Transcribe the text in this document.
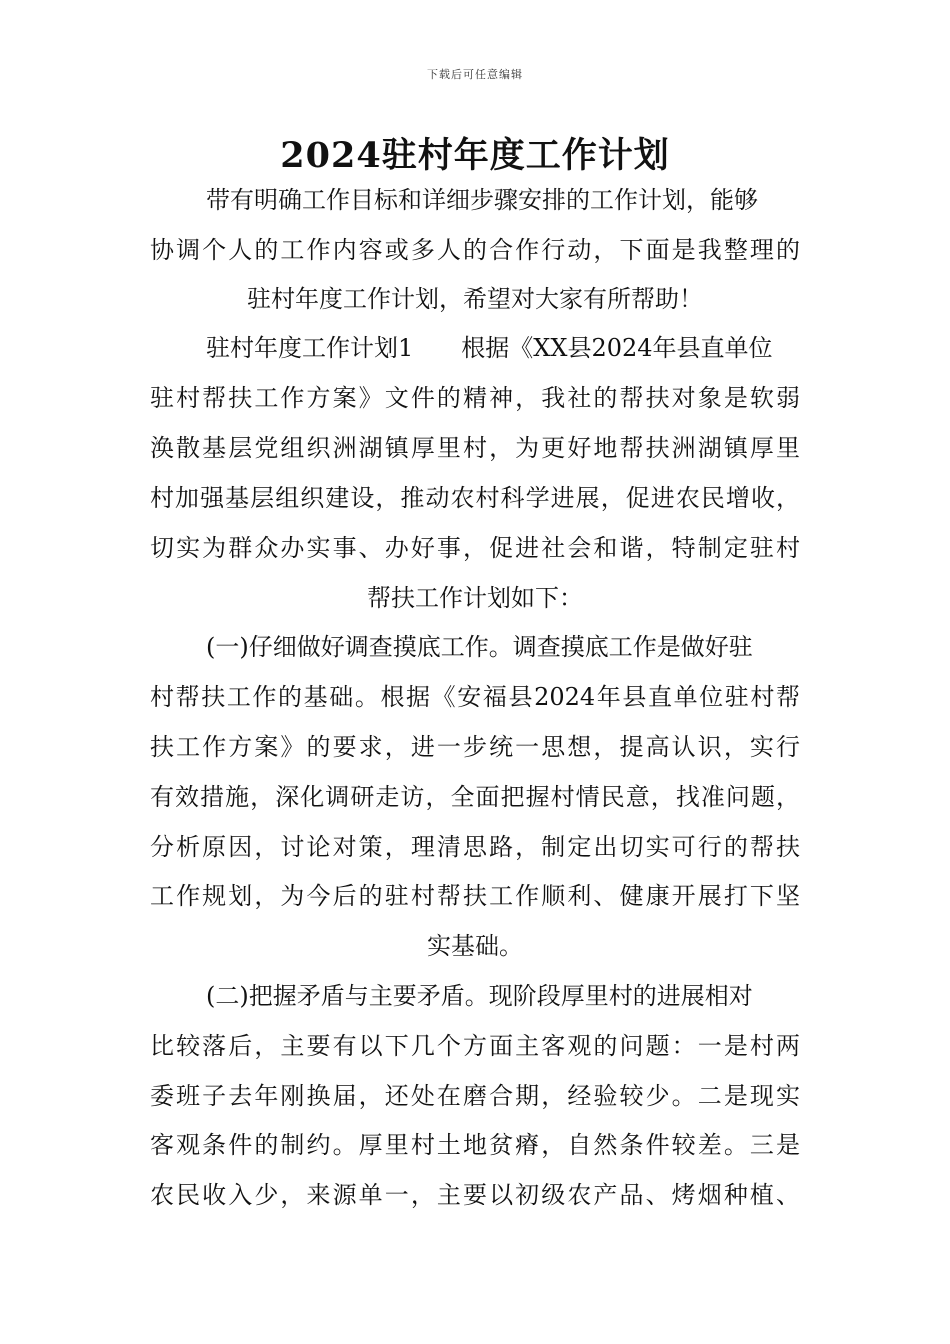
下载后可任意编辑
2024驻村年度工作计划
带有明确工作目标和详细步骤安排的工作计划，能够
协调个人的工作内容或多人的合作行动，下面是我整理的
驻村年度工作计划，希望对大家有所帮助！
驻村年度工作计划1　　根据《XX县2024年县直单位
驻村帮扶工作方案》文件的精神，我社的帮扶对象是软弱
涣散基层党组织洲湖镇厚里村，为更好地帮扶洲湖镇厚里
村加强基层组织建设，推动农村科学进展，促进农民增收，
切实为群众办实事、办好事，促进社会和谐，特制定驻村
帮扶工作计划如下：
(一)仔细做好调查摸底工作。调查摸底工作是做好驻
村帮扶工作的基础。根据《安福县2024年县直单位驻村帮
扶工作方案》的要求，进一步统一思想，提高认识，实行
有效措施，深化调研走访，全面把握村情民意，找准问题，
分析原因，讨论对策，理清思路，制定出切实可行的帮扶
工作规划，为今后的驻村帮扶工作顺利、健康开展打下坚
实基础。
(二)把握矛盾与主要矛盾。现阶段厚里村的进展相对
比较落后，主要有以下几个方面主客观的问题：一是村两
委班子去年刚换届，还处在磨合期，经验较少。二是现实
客观条件的制约。厚里村土地贫瘠，自然条件较差。三是
农民收入少，来源单一，主要以初级农产品、烤烟种植、
